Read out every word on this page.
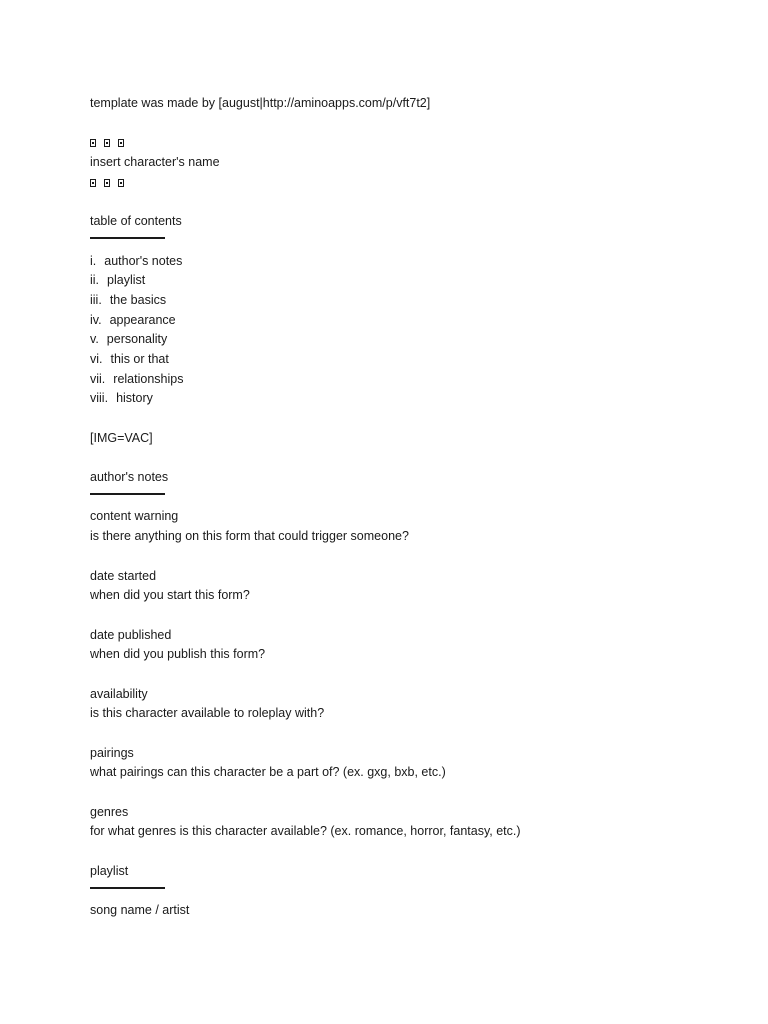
template was made by [august|http://aminoapps.com/p/vft7t2]
insert character's name
table of contents
i. author's notes
ii. playlist
iii. the basics
iv. appearance
v. personality
vi. this or that
vii. relationships
viii. history
[IMG=VAC]
author's notes
content warning
is there anything on this form that could trigger someone?
date started
when did you start this form?
date published
when did you publish this form?
availability
is this character available to roleplay with?
pairings
what pairings can this character be a part of? (ex. gxg, bxb, etc.)
genres
for what genres is this character available? (ex. romance, horror, fantasy, etc.)
playlist
song name / artist
